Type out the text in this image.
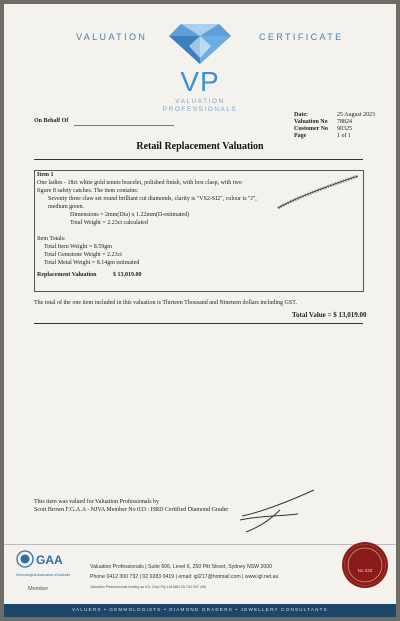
VALUATION	CERTIFICATE
VP
VALUATION
PROFESSIONALS
On Behalf Of
Date:	25 August 2023
Valuation No 78824
Customer No 90325
Page	1 of 1
Retail Replacement Valuation
Item 1
One ladies - 18ct white gold tennis bracelet, polished finish, with box clasp, with two
figure 8 safety catches. The item contains:
Seventy three claw set round brilliant cut diamonds, clarity is "VS2-SI2", colour is "J",
medium green.
Dimensions = 2mm(Dia) x 1.22mm(D-estimated)
Total Weight = 2.23ct calculated
Item Totals:
Total Item Weight = 8.59gm
Total Gemstone Weight = 2.23ct
Total Metal Weight = 8.14gm estimated
Replacement Valuation	$ 13,019.00
The total of the one item included in this valuation is Thirteen Thousand and Nineteen dollars including GST.
Total Value = $ 13,019.00
This item was valued for Valuation Professionals by
Scott Brown F.G.A.A - NJVA Member No 033 : HRD Certified Diamond Grader
GAA
Gemmological Association of Australia
Member
Valuation Professionals | Suite 606, Level 6, 250 Pitt Street, Sydney NSW 2000
Phone 0412 300 732 | 02 9283 0419 | email: igl217@hotmail.com | www.igl.net.au
Valuation Professionals trading as IGL Corp Pty Ltd ABN 25 734 097 496
No 033
VALUERS • GEMMOLOGISTS • DIAMOND GRADERS • JEWELLERY CONSULTANTS
